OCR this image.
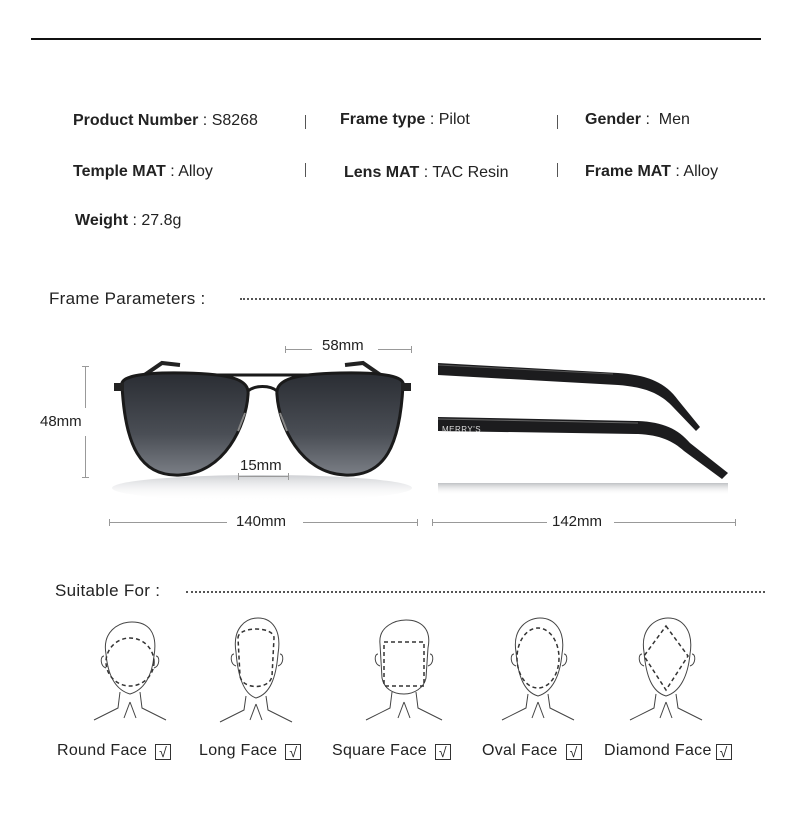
Product Number : S8268	Frame type : Pilot	Gender :  Men
Temple MAT : Alloy	Lens MAT : TAC Resin	Frame MAT : Alloy
Weight : 27.8g
Frame Parameters :
MERRY'S
58mm
48mm
15mm
140mm	142mm
Suitable For :
Round Face √ Long Face √ Square Face √ Oval Face √ Diamond Face √
